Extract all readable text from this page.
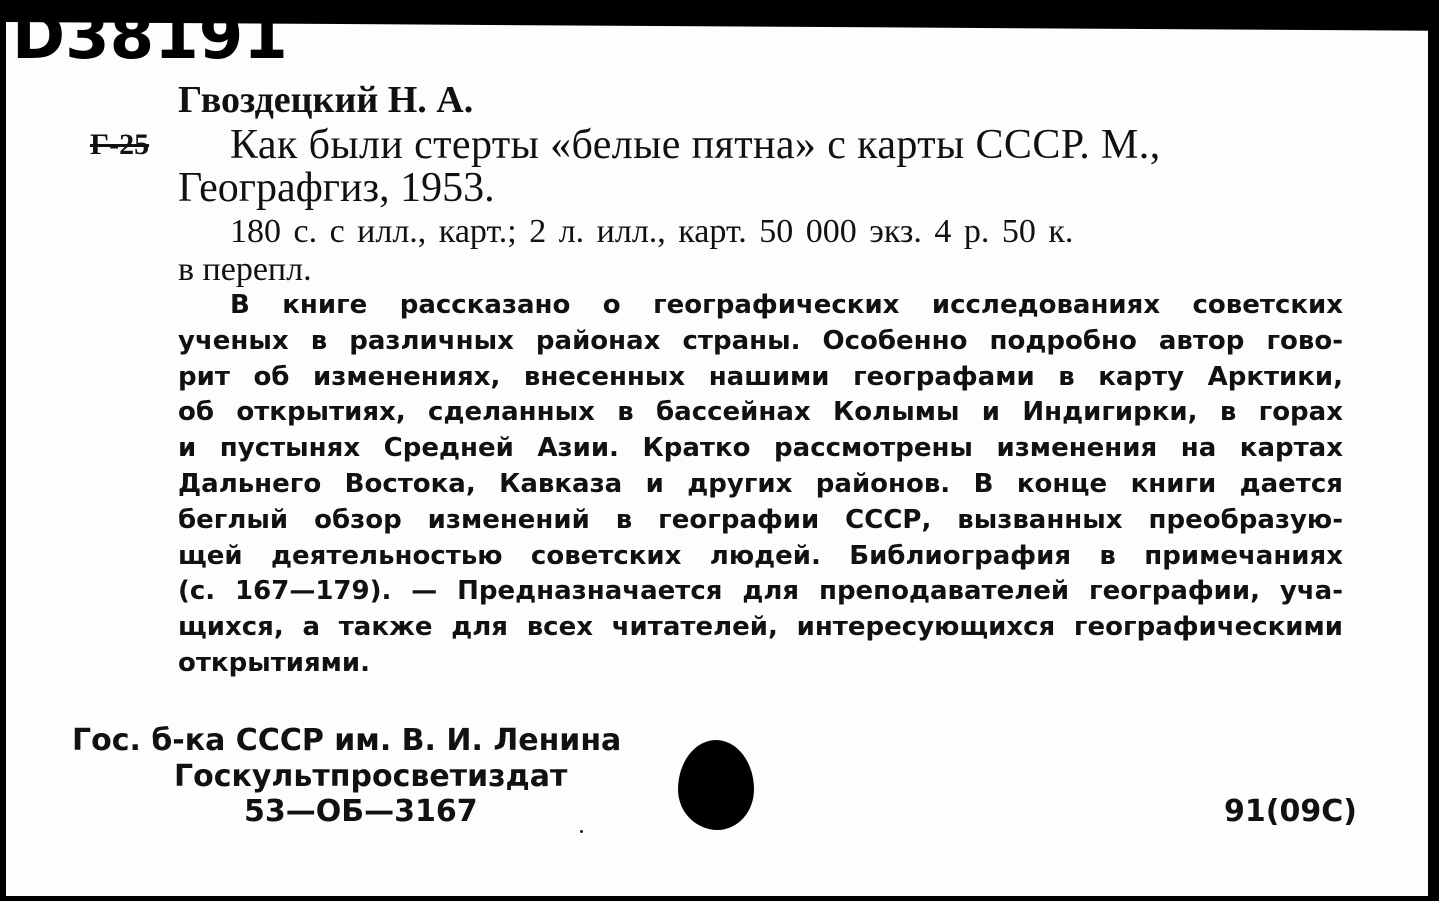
D38191
Гвоздецкий Н. А.
Г-25 Как были стерты «белые пятна» с карты СССР. М.,
Географгиз, 1953.
180 с. с илл., карт.; 2 л. илл., карт. 50 000 экз. 4 р. 50 к.
в перепл.
В книге рассказано о географических исследованиях советских
ученых в различных районах страны. Особенно подробно автор гово-
рит об изменениях, внесенных нашими географами в карту Арктики,
об открытиях, сделанных в бассейнах Колымы и Индигирки, в горах
и пустынях Средней Азии. Кратко рассмотрены изменения на картах
Дальнего Востока, Кавказа и других районов. В конце книги дается
беглый обзор изменений в географии СССР, вызванных преобразую-
щей деятельностью советских людей. Библиография в примечаниях
(с. 167—179). — Предназначается для преподавателей географии, уча-
щихся, а также для всех читателей, интересующихся географическими
открытиями.
Гос. б-ка СССР им. В. И. Ленина
Госкультпросветиздат
53—ОБ—3167	91(09С)
